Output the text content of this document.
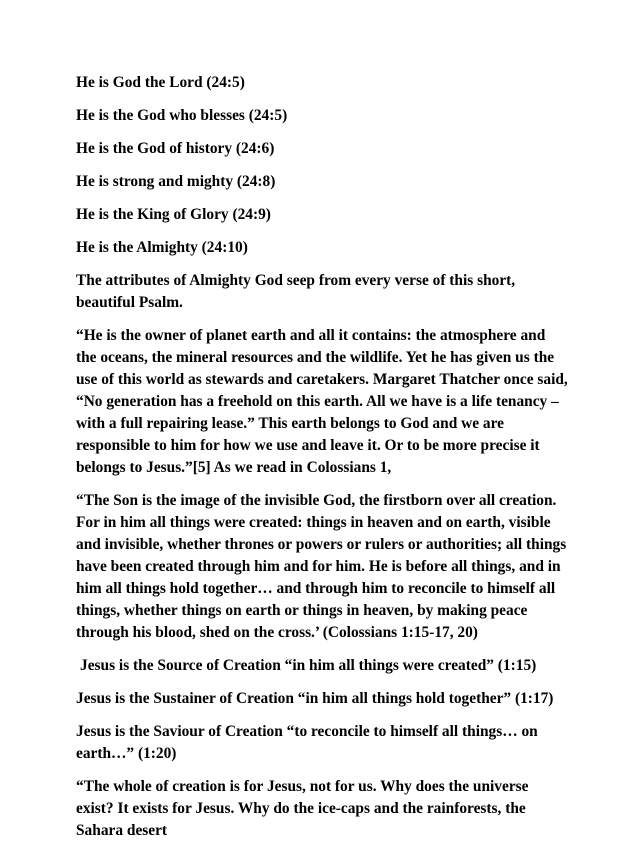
He is God the Lord (24:5)

He is the God who blesses (24:5)

He is the God of history (24:6)

He is strong and mighty (24:8)

He is the King of Glory (24:9)

He is the Almighty (24:10)

The attributes of Almighty God seep from every verse of this short, beautiful Psalm.

“He is the owner of planet earth and all it contains: the atmosphere and the oceans, the mineral resources and the wildlife. Yet he has given us the use of this world as stewards and caretakers. Margaret Thatcher once said, “No generation has a freehold on this earth. All we have is a life tenancy – with a full repairing lease.” This earth belongs to God and we are responsible to him for how we use and leave it. Or to be more precise it belongs to Jesus.”[5] As we read in Colossians 1,

“The Son is the image of the invisible God, the firstborn over all creation. For in him all things were created: things in heaven and on earth, visible and invisible, whether thrones or powers or rulers or authorities; all things have been created through him and for him. He is before all things, and in him all things hold together… and through him to reconcile to himself all things, whether things on earth or things in heaven, by making peace through his blood, shed on the cross.’ (Colossians 1:15-17, 20)

Jesus is the Source of Creation “in him all things were created” (1:15)

Jesus is the Sustainer of Creation “in him all things hold together” (1:17)

Jesus is the Saviour of Creation “to reconcile to himself all things… on earth…” (1:20)

“The whole of creation is for Jesus, not for us. Why does the universe exist? It exists for Jesus. Why do the ice-caps and the rainforests, the Sahara desert
